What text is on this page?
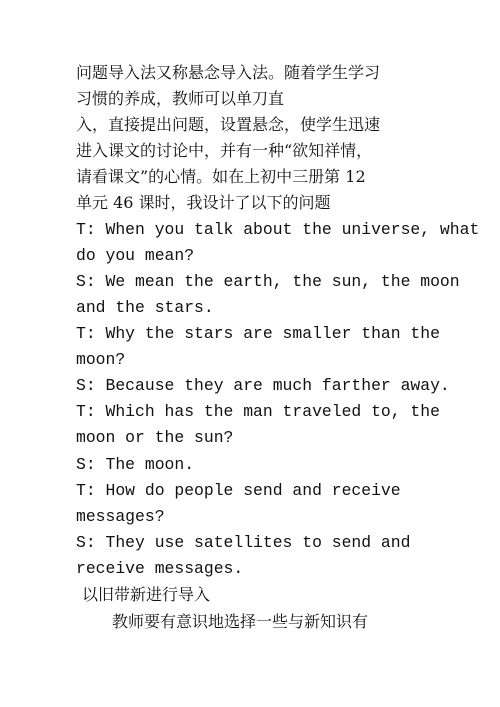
问题导入法又称悬念导入法。随着学生学习
习惯的养成，教师可以单刀直
入，直接提出问题，设置悬念，使学生迅速
进入课文的讨论中，并有一种“欲知祥情，
请看课文”的心情。如在上初中三册第 12
单元 46 课时，我设计了以下的问题
T: When you talk about the universe, what
do you mean?
S: We mean the earth, the sun, the moon
and the stars.
T: Why the stars are smaller than the
moon?
S: Because they are much farther away.
T: Which has the man traveled to, the
moon or the sun?
S: The moon.
T: How do people send and receive
messages?
S: They use satellites to send and
receive messages.
以旧带新进行导入
教师要有意识地选择一些与新知识有
